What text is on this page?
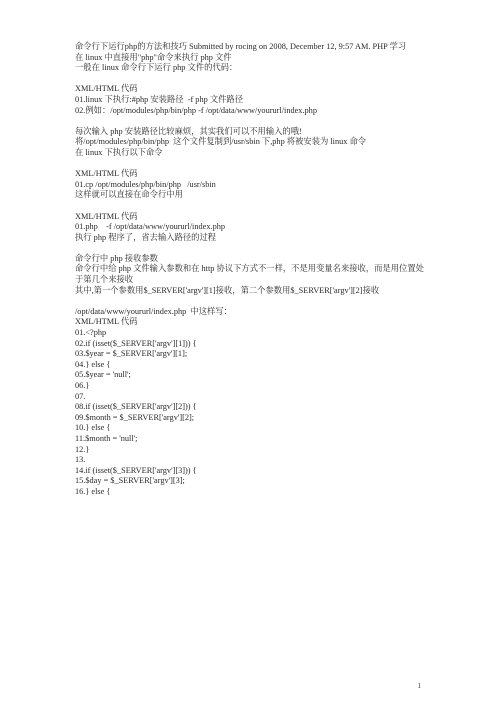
命令行下运行php的方法和技巧 Submitted by rocing on 2008, December 12, 9:57 AM. PHP 学习
在 linux 中直接用"php"命令来执行 php 文件
一般在 linux 命令行下运行 php 文件的代码：
XML/HTML 代码
01.linux 下执行:#php 安装路径  -f php 文件路径
02.例如：/opt/modules/php/bin/php -f /opt/data/www/yoururl/index.php
每次输入 php 安装路径比较麻烦，其实我们可以不用输入的哦!
将/opt/modules/php/bin/php  这个文件复制到/usr/sbin 下,php 将被安装为 linux 命令
在 linux 下执行以下命令
XML/HTML 代码
01.cp /opt/modules/php/bin/php   /usr/sbin
这样就可以直接在命令行中用
XML/HTML 代码
01.php    -f /opt/data/www/yoururl/index.php
执行 php 程序了，省去输入路径的过程
命令行中 php 接收参数
命令行中给 php 文件输入参数和在 http 协议下方式不一样，不是用变量名来接收，而是用位置处于第几个来接收
其中,第一个参数用$_SERVER['argv'][1]接收，第二个参数用$_SERVER['argv'][2]接收
/opt/data/www/yoururl/index.php  中这样写：
XML/HTML 代码
01.<?php
02.if (isset($_SERVER['argv'][1])) {
03.$year = $_SERVER['argv'][1];
04.} else {
05.$year = 'null';
06.}
07.
08.if (isset($_SERVER['argv'][2])) {
09.$month = $_SERVER['argv'][2];
10.} else {
11.$month = 'null';
12.}
13.
14.if (isset($_SERVER['argv'][3])) {
15.$day = $_SERVER['argv'][3];
16.} else {
1
